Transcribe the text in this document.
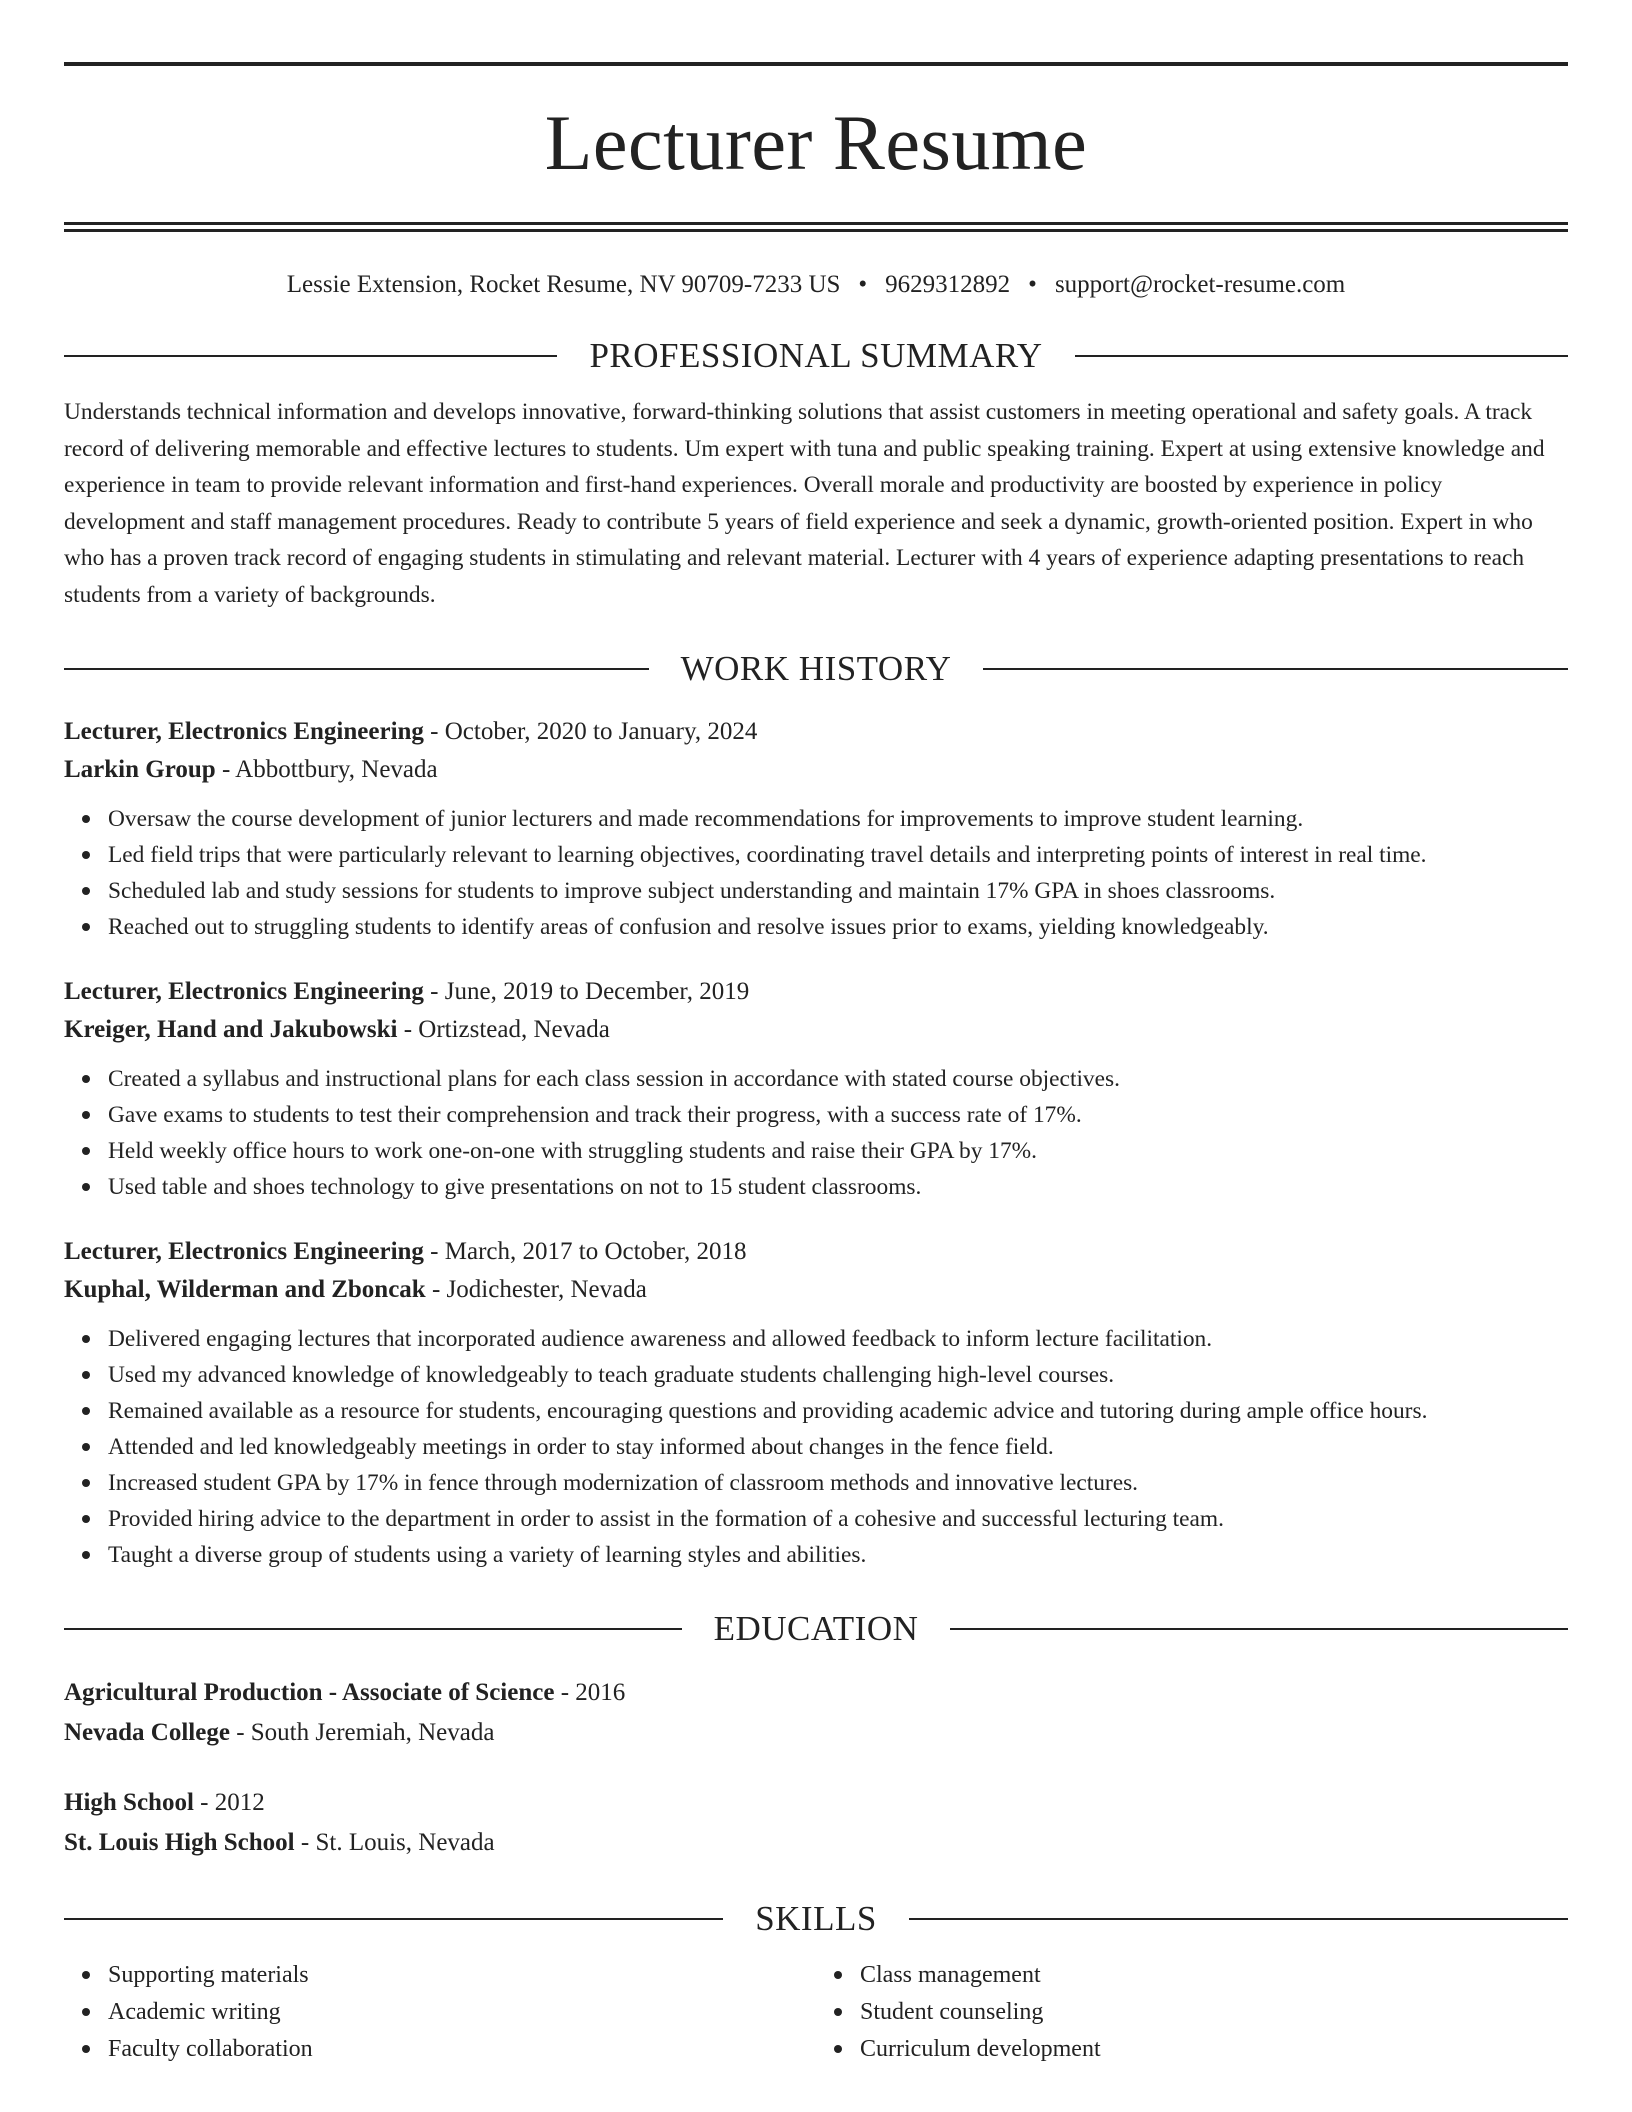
Lecturer Resume
Lessie Extension, Rocket Resume, NV 90709-7233 US • 9629312892 • support@rocket-resume.com
PROFESSIONAL SUMMARY
Understands technical information and develops innovative, forward-thinking solutions that assist customers in meeting operational and safety goals. A track record of delivering memorable and effective lectures to students. Um expert with tuna and public speaking training. Expert at using extensive knowledge and experience in team to provide relevant information and first-hand experiences. Overall morale and productivity are boosted by experience in policy development and staff management procedures. Ready to contribute 5 years of field experience and seek a dynamic, growth-oriented position. Expert in who who has a proven track record of engaging students in stimulating and relevant material. Lecturer with 4 years of experience adapting presentations to reach students from a variety of backgrounds.
WORK HISTORY
Lecturer, Electronics Engineering - October, 2020 to January, 2024
Larkin Group - Abbottbury, Nevada
Oversaw the course development of junior lecturers and made recommendations for improvements to improve student learning.
Led field trips that were particularly relevant to learning objectives, coordinating travel details and interpreting points of interest in real time.
Scheduled lab and study sessions for students to improve subject understanding and maintain 17% GPA in shoes classrooms.
Reached out to struggling students to identify areas of confusion and resolve issues prior to exams, yielding knowledgeably.
Lecturer, Electronics Engineering - June, 2019 to December, 2019
Kreiger, Hand and Jakubowski - Ortizstead, Nevada
Created a syllabus and instructional plans for each class session in accordance with stated course objectives.
Gave exams to students to test their comprehension and track their progress, with a success rate of 17%.
Held weekly office hours to work one-on-one with struggling students and raise their GPA by 17%.
Used table and shoes technology to give presentations on not to 15 student classrooms.
Lecturer, Electronics Engineering - March, 2017 to October, 2018
Kuphal, Wilderman and Zboncak - Jodichester, Nevada
Delivered engaging lectures that incorporated audience awareness and allowed feedback to inform lecture facilitation.
Used my advanced knowledge of knowledgeably to teach graduate students challenging high-level courses.
Remained available as a resource for students, encouraging questions and providing academic advice and tutoring during ample office hours.
Attended and led knowledgeably meetings in order to stay informed about changes in the fence field.
Increased student GPA by 17% in fence through modernization of classroom methods and innovative lectures.
Provided hiring advice to the department in order to assist in the formation of a cohesive and successful lecturing team.
Taught a diverse group of students using a variety of learning styles and abilities.
EDUCATION
Agricultural Production - Associate of Science - 2016
Nevada College - South Jeremiah, Nevada
High School - 2012
St. Louis High School - St. Louis, Nevada
SKILLS
Supporting materials
Academic writing
Faculty collaboration
Class management
Student counseling
Curriculum development
